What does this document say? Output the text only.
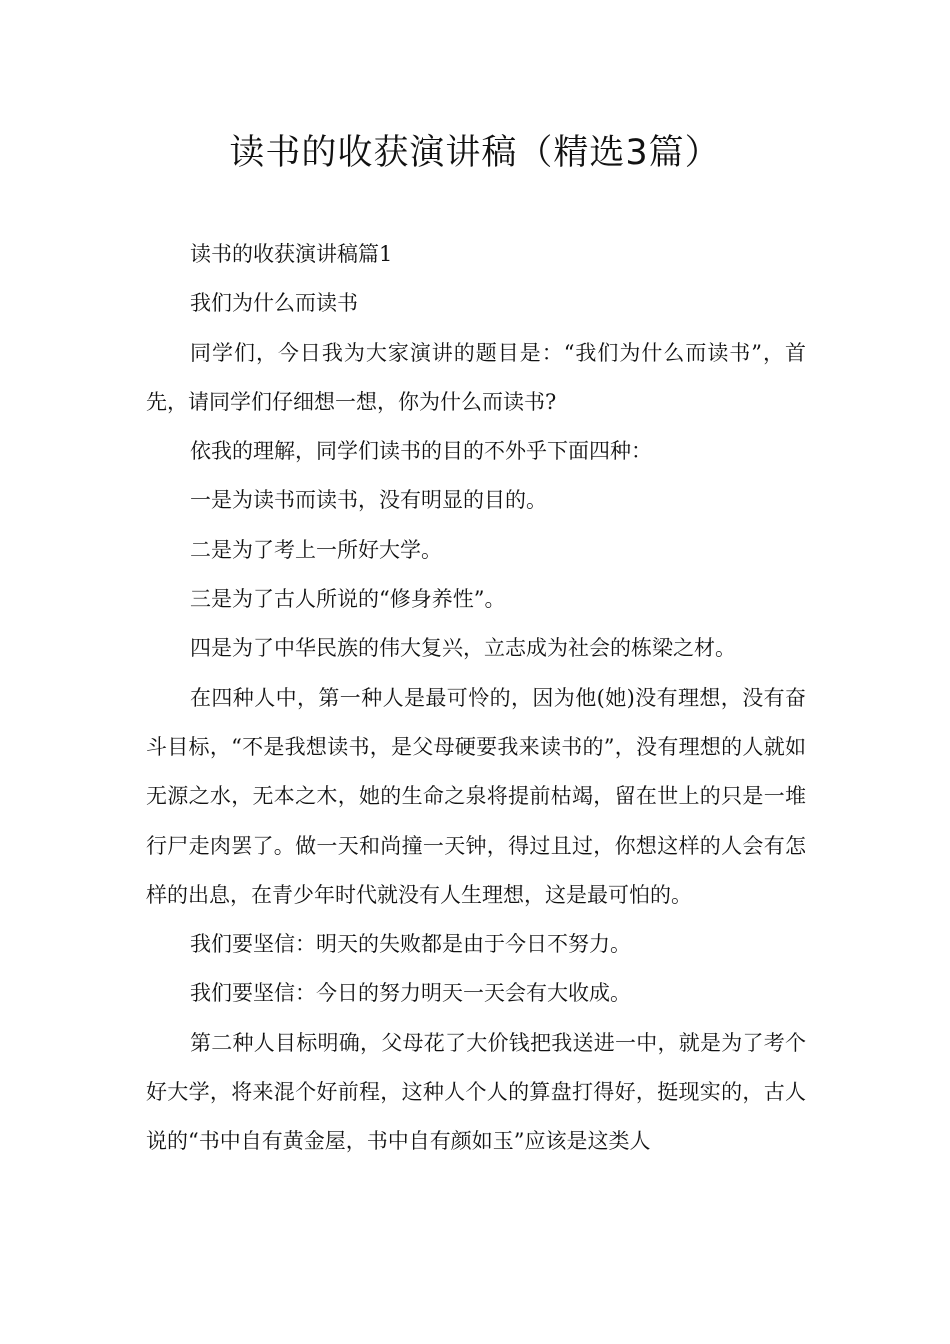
读书的收获演讲稿（精选3篇）

读书的收获演讲稿篇1

我们为什么而读书

同学们，今日我为大家演讲的题目是：“我们为什么而读书”，首先，请同学们仔细想一想，你为什么而读书?

依我的理解，同学们读书的目的不外乎下面四种：

一是为读书而读书，没有明显的目的。

二是为了考上一所好大学。

三是为了古人所说的“修身养性”。

四是为了中华民族的伟大复兴，立志成为社会的栋梁之材。

在四种人中，第一种人是最可怜的，因为他(她)没有理想，没有奋斗目标，“不是我想读书，是父母硬要我来读书的”，没有理想的人就如无源之水，无本之木，她的生命之泉将提前枯竭，留在世上的只是一堆行尸走肉罢了。做一天和尚撞一天钟，得过且过，你想这样的人会有怎样的出息，在青少年时代就没有人生理想，这是最可怕的。

我们要坚信：明天的失败都是由于今日不努力。

我们要坚信：今日的努力明天一天会有大收成。

第二种人目标明确，父母花了大价钱把我送进一中，就是为了考个好大学，将来混个好前程，这种人个人的算盘打得好，挺现实的，古人说的“书中自有黄金屋，书中自有颜如玉”应该是这类人
